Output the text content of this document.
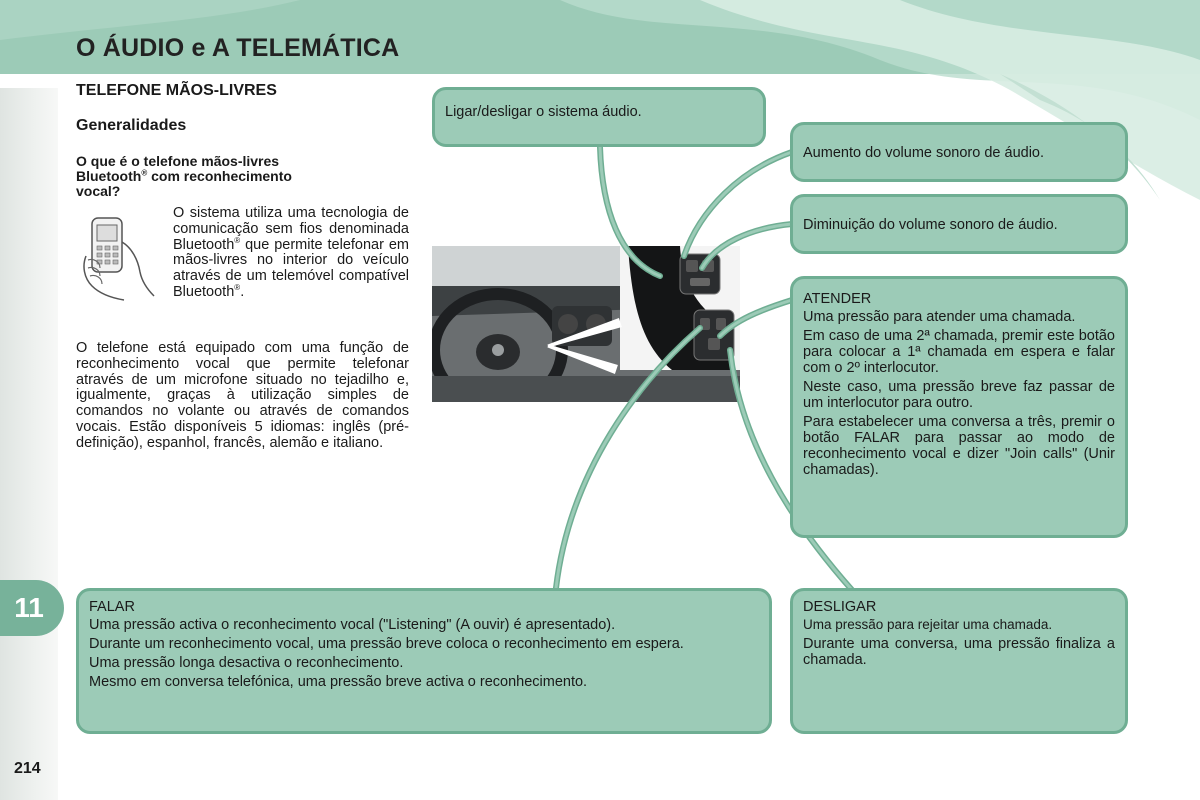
O ÁUDIO e A TELEMÁTICA
11
214
TELEFONE MÃOS-LIVRES
Generalidades
O que é o telefone mãos-livres
Bluetooth® com reconhecimento
vocal?
O sistema utiliza uma tecnologia de comunicação sem fios denominada Bluetooth® que permite telefonar em mãos-livres no interior do veículo através de um telemóvel compatível Bluetooth®.
O telefone está equipado com uma função de reconhecimento vocal que permite telefonar através de um microfone situado no tejadilho e, igualmente, graças à utilização simples de comandos no volante ou através de comandos vocais. Estão disponíveis 5 idiomas: inglês (pré-definição), espanhol, francês, alemão e italiano.
Ligar/desligar o sistema áudio.
Aumento do volume sonoro de áudio.
Diminuição do volume sonoro de áudio.

ATENDER

Uma pressão para atender uma chamada.

Em caso de uma 2ª chamada, premir este botão para colocar a 1ª chamada em espera e falar com o 2º interlocutor.

Neste caso, uma pressão breve faz passar de um interlocutor para outro.

Para estabelecer uma conversa a três, premir o botão FALAR para passar ao modo de reconhecimento vocal e dizer "Join calls" (Unir chamadas).

FALAR

Uma pressão activa o reconhecimento vocal ("Listening" (A ouvir) é apresentado).

Durante um reconhecimento vocal, uma pressão breve coloca o reconhecimento em espera.

Uma pressão longa desactiva o reconhecimento.

Mesmo em conversa telefónica, uma pressão breve activa o reconhecimento.

DESLIGAR

Uma pressão para rejeitar uma chamada.

Durante uma conversa, uma pressão finaliza a chamada.
